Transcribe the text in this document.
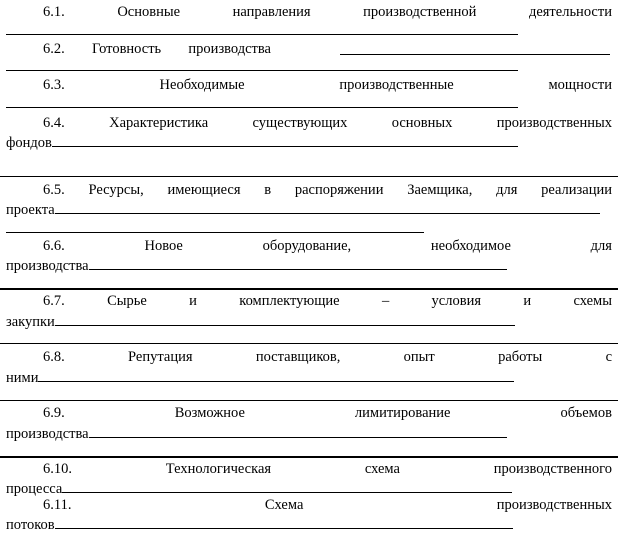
6.1.	Основные	направления	производственной	деятельности
6.2. Готовность производства
6.3.	Необходимые	производственные	мощности
6.4.	Характеристика	существующих	основных	производственных
фондов
6.5. Ресурсы, имеющиеся в распоряжении Заемщика, для реализации
проекта
6.6.	Новое	оборудование,	необходимое	для
производства
6.7.	Сырье	и	комплектующие	–	условия	и	схемы
закупки
6.8.	Репутация	поставщиков,	опыт	работы	с
ними
6.9.	Возможное	лимитирование	объемов
производства
6.10.	Технологическая	схема	производственного
процесса
6.11.	Схема	производственных
потоков
